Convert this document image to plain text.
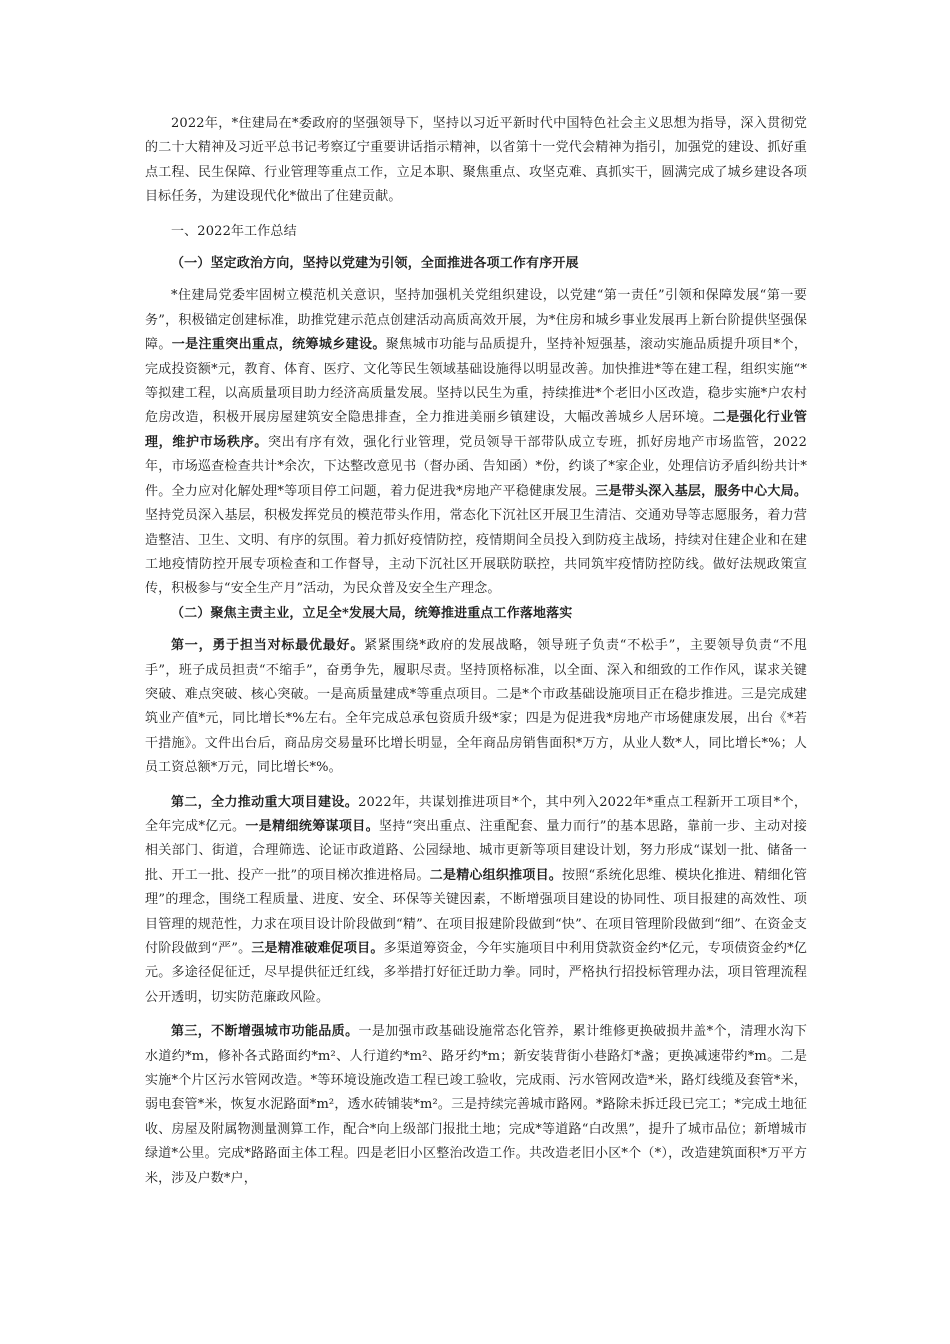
2022年，*住建局在*委政府的坚强领导下，坚持以习近平新时代中国特色社会主义思想为指导，深入贯彻党的二十大精神及习近平总书记考察辽宁重要讲话指示精神，以省第十一党代会精神为指引，加强党的建设、抓好重点工程、民生保障、行业管理等重点工作，立足本职、聚焦重点、攻坚克难、真抓实干，圆满完成了城乡建设各项目标任务，为建设现代化*做出了住建贡献。

一、2022年工作总结

（一）坚定政治方向，坚持以党建为引领，全面推进各项工作有序开展

*住建局党委牢固树立模范机关意识，坚持加强机关党组织建设，以党建“第一责任”引领和保障发展“第一要务”，积极锚定创建标准，助推党建示范点创建活动高质高效开展，为*住房和城乡事业发展再上新台阶提供坚强保障。一是注重突出重点，统筹城乡建设。聚焦城市功能与品质提升，坚持补短强基，滚动实施品质提升项目*个，完成投资额*元，教育、体育、医疗、文化等民生领域基础设施得以明显改善。加快推进*等在建工程，组织实施“*等拟建工程，以高质量项目助力经济高质量发展。坚持以民生为重，持续推进*个老旧小区改造，稳步实施*户农村危房改造，积极开展房屋建筑安全隐患排查，全力推进美丽乡镇建设，大幅改善城乡人居环境。二是强化行业管理，维护市场秩序。突出有序有效，强化行业管理，党员领导干部带队成立专班，抓好房地产市场监管，2022年，市场巡查检查共计*余次，下达整改意见书（督办函、告知函）*份，约谈了*家企业，处理信访矛盾纠纷共计*件。全力应对化解处理*等项目停工问题，着力促进我*房地产平稳健康发展。三是带头深入基层，服务中心大局。坚持党员深入基层，积极发挥党员的模范带头作用，常态化下沉社区开展卫生清洁、交通劝导等志愿服务，着力营造整洁、卫生、文明、有序的氛围。着力抓好疫情防控，疫情期间全员投入到防疫主战场，持续对住建企业和在建工地疫情防控开展专项检查和工作督导，主动下沉社区开展联防联控，共同筑牢疫情防控防线。做好法规政策宣传，积极参与“安全生产月”活动，为民众普及安全生产理念。

（二）聚焦主责主业，立足全*发展大局，统筹推进重点工作落地落实

第一，勇于担当对标最优最好。紧紧围绕*政府的发展战略，领导班子负责“不松手”，主要领导负责“不甩手”，班子成员担责“不缩手”，奋勇争先，履职尽责。坚持顶格标准，以全面、深入和细致的工作作风，谋求关键突破、难点突破、核心突破。一是高质量建成*等重点项目。二是*个市政基础设施项目正在稳步推进。三是完成建筑业产值*元，同比增长*%左右。全年完成总承包资质升级*家；四是为促进我*房地产市场健康发展，出台《*若干措施》。文件出台后，商品房交易量环比增长明显，全年商品房销售面积*万方，从业人数*人，同比增长*%；人员工资总额*万元，同比增长*%。

第二，全力推动重大项目建设。2022年，共谋划推进项目*个，其中列入2022年*重点工程新开工项目*个，全年完成*亿元。一是精细统筹谋项目。坚持“突出重点、注重配套、量力而行”的基本思路，靠前一步、主动对接相关部门、街道，合理筛选、论证市政道路、公园绿地、城市更新等项目建设计划，努力形成“谋划一批、储备一批、开工一批、投产一批”的项目梯次推进格局。二是精心组织推项目。按照“系统化思维、模块化推进、精细化管理”的理念，围绕工程质量、进度、安全、环保等关键因素，不断增强项目建设的协同性、项目报建的高效性、项目管理的规范性，力求在项目设计阶段做到“精”、在项目报建阶段做到“快”、在项目管理阶段做到“细”、在资金支付阶段做到“严”。三是精准破难促项目。多渠道筹资金，今年实施项目中利用贷款资金约*亿元，专项债资金约*亿元。多途径促征迁，尽早提供征迁红线，多举措打好征迁助力拳。同时，严格执行招投标管理办法，项目管理流程公开透明，切实防范廉政风险。

第三，不断增强城市功能品质。一是加强市政基础设施常态化管养，累计维修更换破损井盖*个，清理水沟下水道约*m，修补各式路面约*m²、人行道约*m²、路牙约*m；新安装背街小巷路灯*盏；更换减速带约*m。二是实施*个片区污水管网改造。*等环境设施改造工程已竣工验收，完成雨、污水管网改造*米，路灯线缆及套管*米，弱电套管*米，恢复水泥路面*m²，透水砖铺装*m²。三是持续完善城市路网。*路除未拆迁段已完工；*完成土地征收、房屋及附属物测量测算工作，配合*向上级部门报批土地；完成*等道路“白改黑”，提升了城市品位；新增城市绿道*公里。完成*路路面主体工程。四是老旧小区整治改造工作。共改造老旧小区*个（*），改造建筑面积*万平方米，涉及户数*户，
